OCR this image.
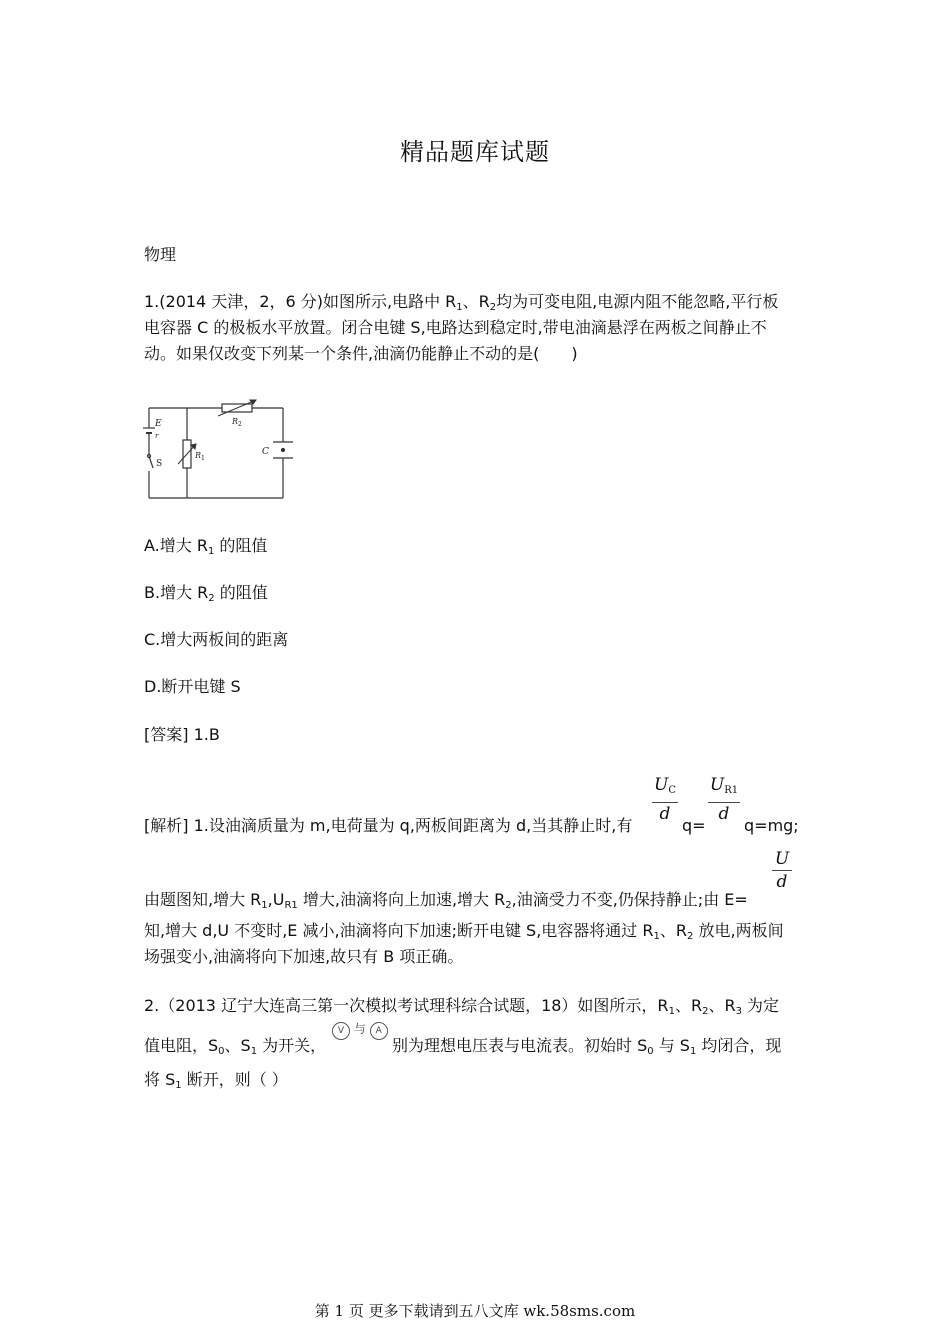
精品题库试题
物理
1.(2014 天津，2，6 分)如图所示,电路中 $R_1$、$R_2$均为可变电阻,电源内阻不能忽略,平行板
电容器 C 的极板水平放置。闭合电键 S,电路达到稳定时,带电油滴悬浮在两板之间静止不
动。如果仅改变下列某一个条件,油滴仍能静止不动的是(　　)
E
r
S
$R_1$
$R_2$
C
A.增大 $R_1$ 的阻值
B.增大 $R_2$ 的阻值
C.增大两板间的距离
D.断开电键 S
[答案] 1.B
$\frac{U_C}{d} \frac{U_{R1}}{d}$
[解析] 1.设油滴质量为 m,电荷量为 q,两板间距离为 d,当其静止时,有	q= q=mg;
$\frac{U}{d}$
由题图知,增大 $R_1,U_{R1}$ 增大,油滴将向上加速,增大 $R_2$,油滴受力不变,仍保持静止;由 E=
知,增大 d,U 不变时,E 减小,油滴将向下加速;断开电键 S,电容器将通过 $R_1$、$R_2$ 放电,两板间
场强变小,油滴将向下加速,故只有 B 项正确。
2.（2013 辽宁大连高三第一次模拟考试理科综合试题，18）如图所示，$R_1$、$R_2$、$R_3$ 为定
V 与 A
值电阻，$S_0$、$S_1$ 为开关，	别为理想电压表与电流表。初始时 $S_0$ 与 $S_1$ 均闭合，现
将 $S_1$ 断开，则（ ）
第 1 页 更多下载请到五八文库 wk.58sms.com
